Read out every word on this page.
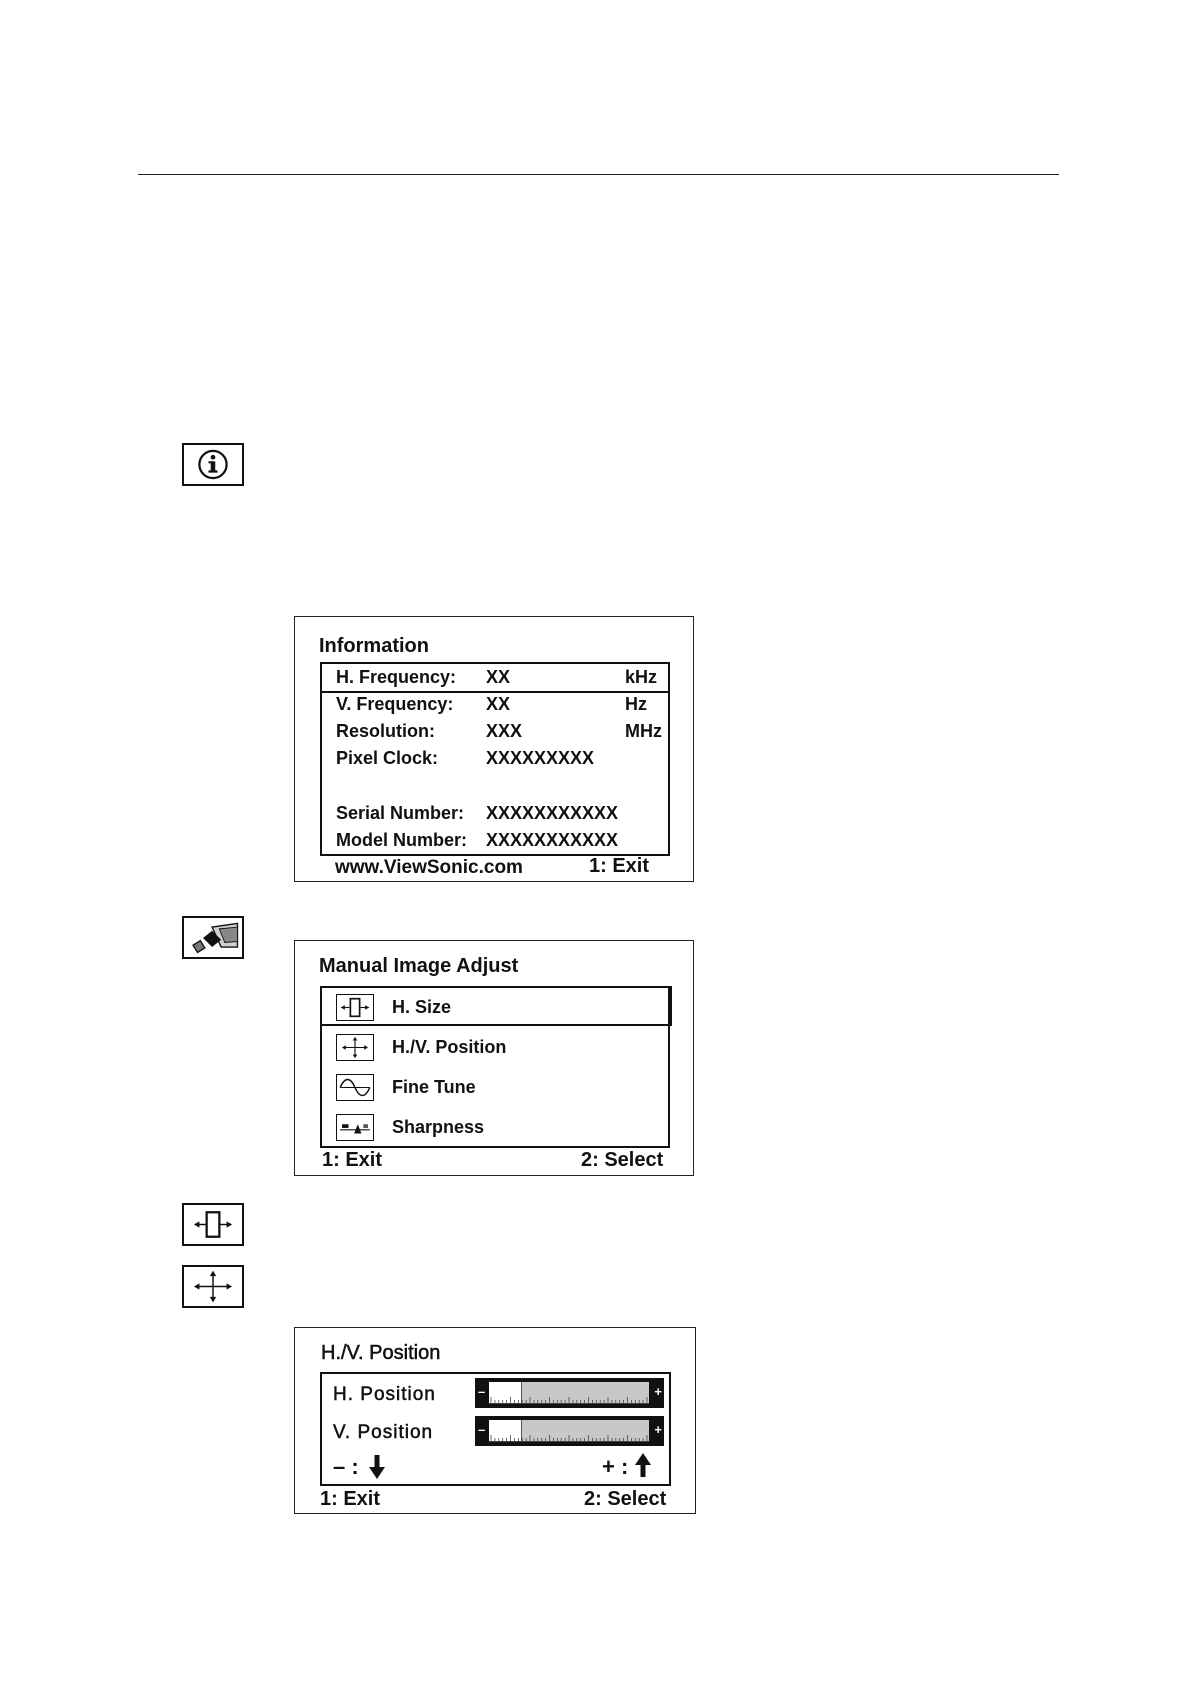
Information
H. Frequency: XX	kHz
V. Frequency: XX	Hz
Resolution:	XXX	MHz
Pixel Clock:	XXXXXXXXX
Serial Number: XXXXXXXXXXX
Model Number: XXXXXXXXXXX
www.ViewSonic.com	1: Exit
Manual Image Adjust
H. Size
H./V. Position
Fine Tune
Sharpness
1: Exit	2: Select
H./V. Position
H. Position	–	+
V. Position	–	+
– :	+ :
1: Exit	2: Select
